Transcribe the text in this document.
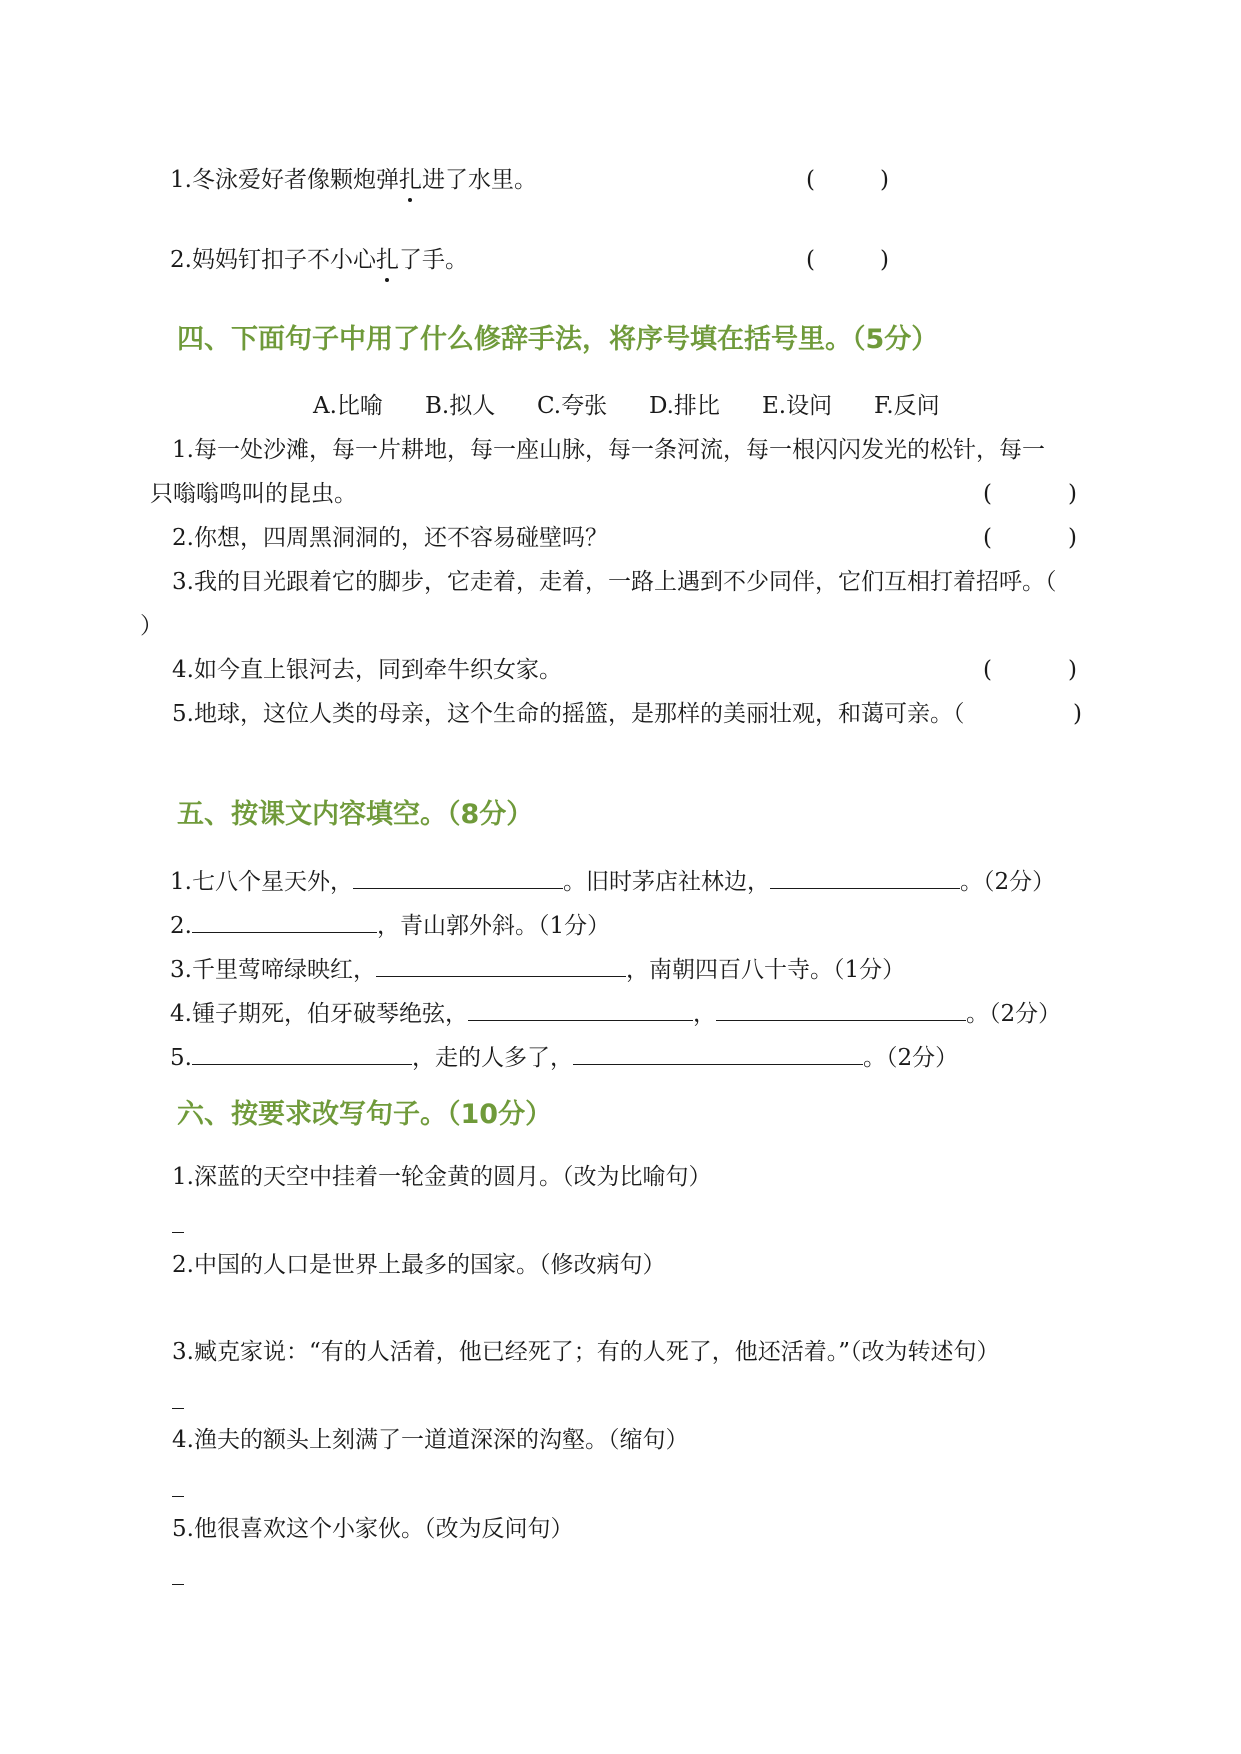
1.冬泳爱好者像颗炮弹扎进了水里。	(	)
2.妈妈钉扣子不小心扎了手。	(	)
四、下面句子中用了什么修辞手法，将序号填在括号里。（5分）
A.比喻 B.拟人 C.夸张 D.排比 E.设问 F.反问
1.每一处沙滩，每一片耕地，每一座山脉，每一条河流，每一根闪闪发光的松针，每一
只嗡嗡鸣叫的昆虫。	(	)
2.你想，四周黑洞洞的，还不容易碰壁吗？	(	)
3.我的目光跟着它的脚步，它走着，走着，一路上遇到不少同伴，它们互相打着招呼。（
）
4.如今直上银河去，同到牵牛织女家。	(	)
5.地球，这位人类的母亲，这个生命的摇篮，是那样的美丽壮观，和蔼可亲。（	)
五、按课文内容填空。（8分）
1.七八个星天外，	。旧时茅店社林边，	。（2分）
2.	，青山郭外斜。（1分）
3.千里莺啼绿映红，	，南朝四百八十寺。（1分）
4.锺子期死，伯牙破琴绝弦，	，	。（2分）
5.	，走的人多了，	。（2分）
六、按要求改写句子。（10分）
1.深蓝的天空中挂着一轮金黄的圆月。（改为比喻句）
2.中国的人口是世界上最多的国家。（修改病句）
3.臧克家说：“有的人活着，他已经死了；有的人死了，他还活着。”（改为转述句）
4.渔夫的额头上刻满了一道道深深的沟壑。（缩句）
5.他很喜欢这个小家伙。（改为反问句）
